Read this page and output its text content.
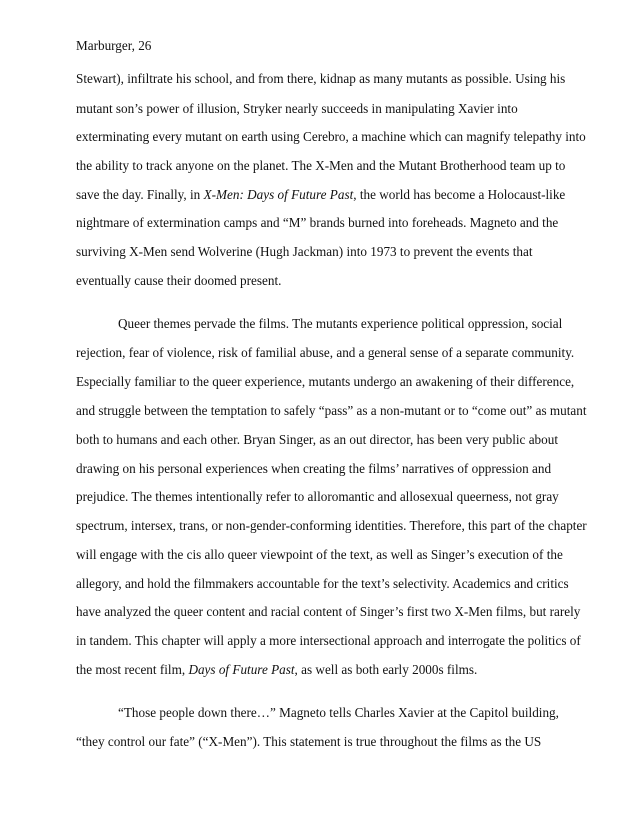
Marburger, 26
Stewart), infiltrate his school, and from there, kidnap as many mutants as possible. Using his
mutant son’s power of illusion, Stryker nearly succeeds in manipulating Xavier into
exterminating every mutant on earth using Cerebro, a machine which can magnify telepathy into
the ability to track anyone on the planet. The X-Men and the Mutant Brotherhood team up to
save the day. Finally, in X-Men: Days of Future Past, the world has become a Holocaust-like
nightmare of extermination camps and “M” brands burned into foreheads. Magneto and the
surviving X-Men send Wolverine (Hugh Jackman) into 1973 to prevent the events that
eventually cause their doomed present.
Queer themes pervade the films. The mutants experience political oppression, social
rejection, fear of violence, risk of familial abuse, and a general sense of a separate community.
Especially familiar to the queer experience, mutants undergo an awakening of their difference,
and struggle between the temptation to safely “pass” as a non-mutant or to “come out” as mutant
both to humans and each other. Bryan Singer, as an out director, has been very public about
drawing on his personal experiences when creating the films’ narratives of oppression and
prejudice. The themes intentionally refer to alloromantic and allosexual queerness, not gray
spectrum, intersex, trans, or non-gender-conforming identities. Therefore, this part of the chapter
will engage with the cis allo queer viewpoint of the text, as well as Singer’s execution of the
allegory, and hold the filmmakers accountable for the text’s selectivity. Academics and critics
have analyzed the queer content and racial content of Singer’s first two X-Men films, but rarely
in tandem. This chapter will apply a more intersectional approach and interrogate the politics of
the most recent film, Days of Future Past, as well as both early 2000s films.
“Those people down there…” Magneto tells Charles Xavier at the Capitol building,
“they control our fate” (“X-Men”). This statement is true throughout the films as the US
